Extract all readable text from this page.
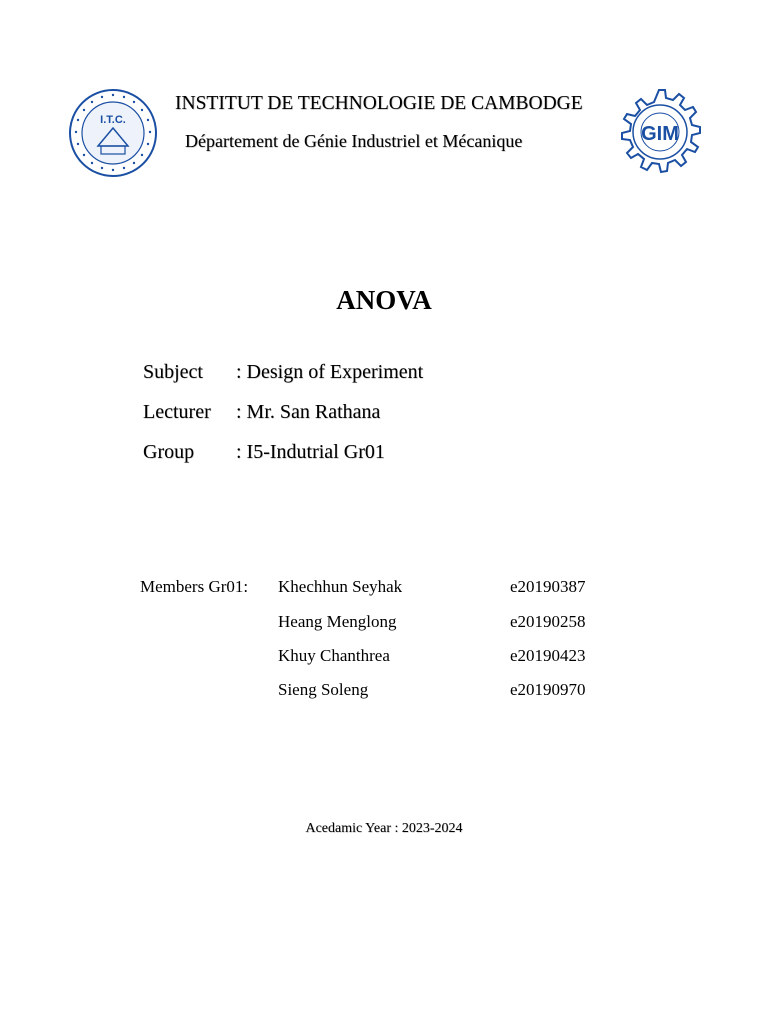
I.T.C.
GIM
INSTITUT DE TECHNOLOGIE DE CAMBODGE
Département de Génie Industriel et Mécanique
ANOVA
Subject : Design of Experiment
Lecturer : Mr. San Rathana
Group : I5-Indutrial Gr01
Members Gr01: Khechhun Seyhak	e20190387
Heang Menglong	e20190258
Khuy Chanthrea	e20190423
Sieng Soleng	e20190970
Acedamic Year : 2023-2024
